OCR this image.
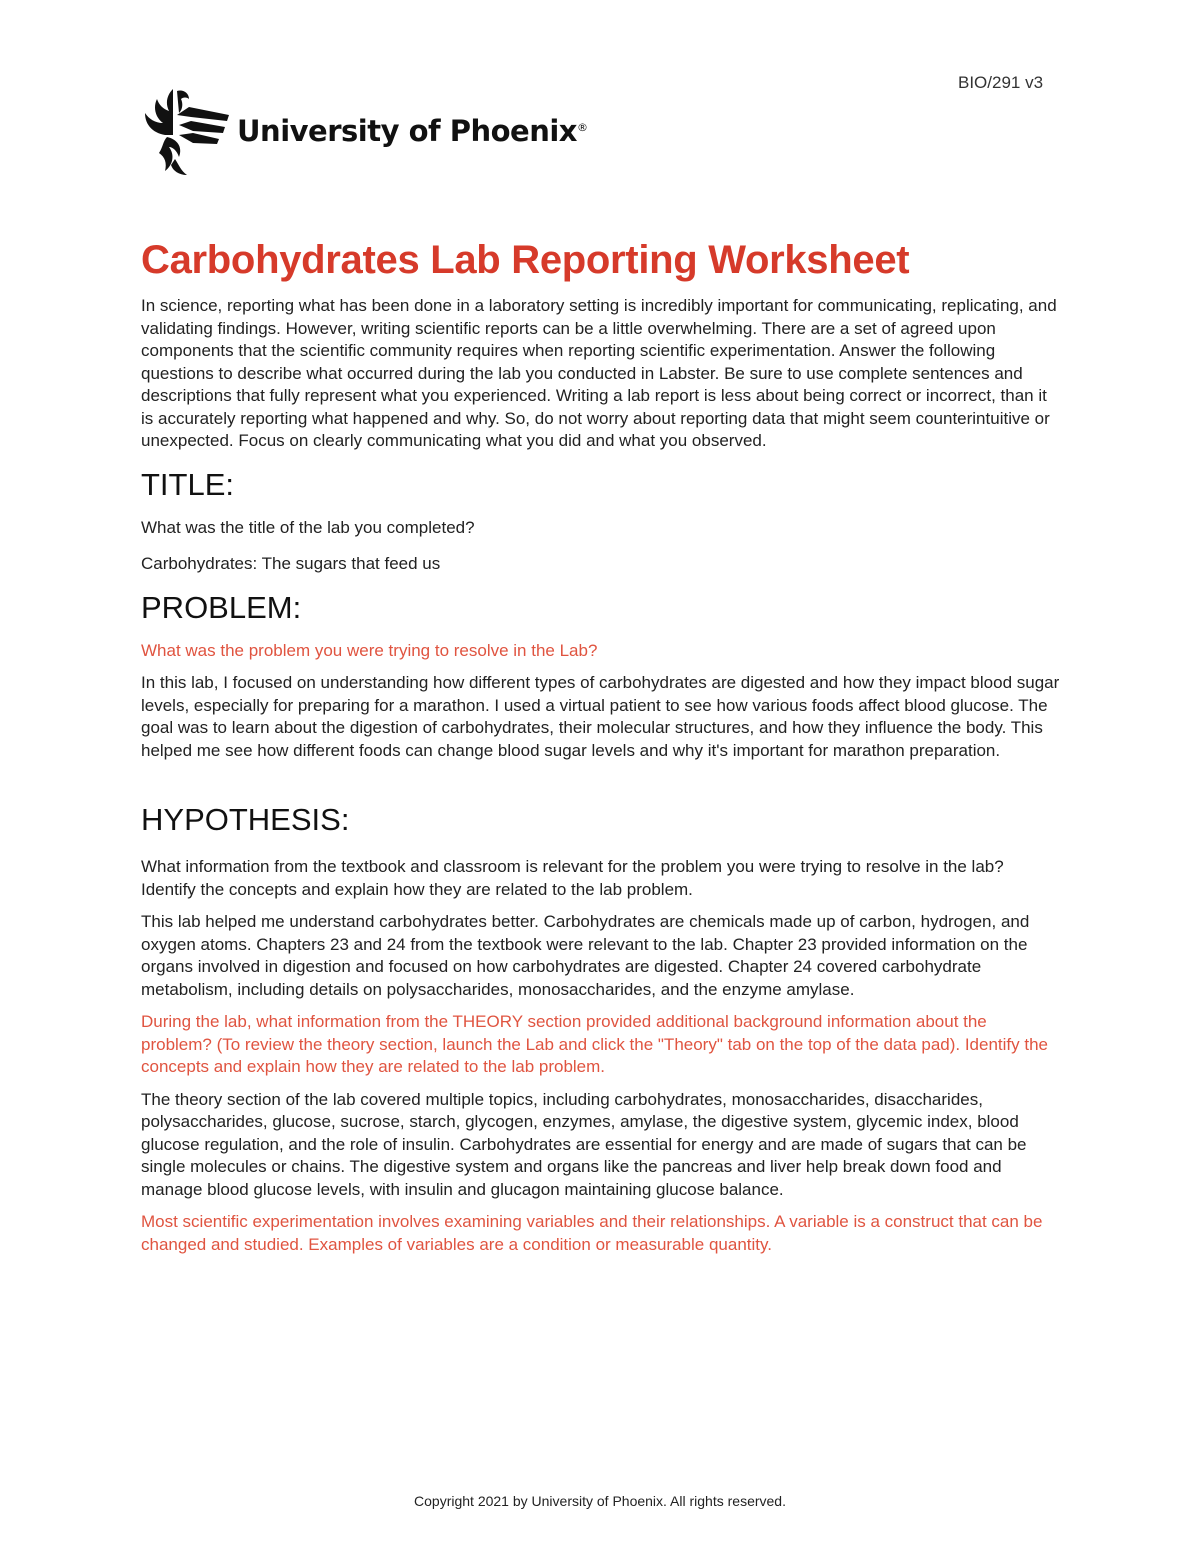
BIO/291 v3
University of Phoenix®
Carbohydrates Lab Reporting Worksheet

In science, reporting what has been done in a laboratory setting is incredibly important for communicating, replicating, and validating findings. However, writing scientific reports can be a little overwhelming. There are a set of agreed upon components that the scientific community requires when reporting scientific experimentation. Answer the following questions to describe what occurred during the lab you conducted in Labster. Be sure to use complete sentences and descriptions that fully represent what you experienced. Writing a lab report is less about being correct or incorrect, than it is accurately reporting what happened and why. So, do not worry about reporting data that might seem counterintuitive or unexpected. Focus on clearly communicating what you did and what you observed.

TITLE:

What was the title of the lab you completed?

Carbohydrates: The sugars that feed us

PROBLEM:

What was the problem you were trying to resolve in the Lab?

In this lab, I focused on understanding how different types of carbohydrates are digested and how they impact blood sugar levels, especially for preparing for a marathon. I used a virtual patient to see how various foods affect blood glucose. The goal was to learn about the digestion of carbohydrates, their molecular structures, and how they influence the body. This helped me see how different foods can change blood sugar levels and why it's important for marathon preparation.

HYPOTHESIS:

What information from the textbook and classroom is relevant for the problem you were trying to resolve in the lab? Identify the concepts and explain how they are related to the lab problem.

This lab helped me understand carbohydrates better. Carbohydrates are chemicals made up of carbon, hydrogen, and oxygen atoms. Chapters 23 and 24 from the textbook were relevant to the lab. Chapter 23 provided information on the organs involved in digestion and focused on how carbohydrates are digested. Chapter 24 covered carbohydrate metabolism, including details on polysaccharides, monosaccharides, and the enzyme amylase.

During the lab, what information from the THEORY section provided additional background information about the problem? (To review the theory section, launch the Lab and click the "Theory" tab on the top of the data pad). Identify the concepts and explain how they are related to the lab problem.

The theory section of the lab covered multiple topics, including carbohydrates, monosaccharides, disaccharides, polysaccharides, glucose, sucrose, starch, glycogen, enzymes, amylase, the digestive system, glycemic index, blood glucose regulation, and the role of insulin. Carbohydrates are essential for energy and are made of sugars that can be single molecules or chains. The digestive system and organs like the pancreas and liver help break down food and manage blood glucose levels, with insulin and glucagon maintaining glucose balance.

Most scientific experimentation involves examining variables and their relationships. A variable is a construct that can be changed and studied. Examples of variables are a condition or measurable quantity.

Copyright 2021 by University of Phoenix. All rights reserved.
